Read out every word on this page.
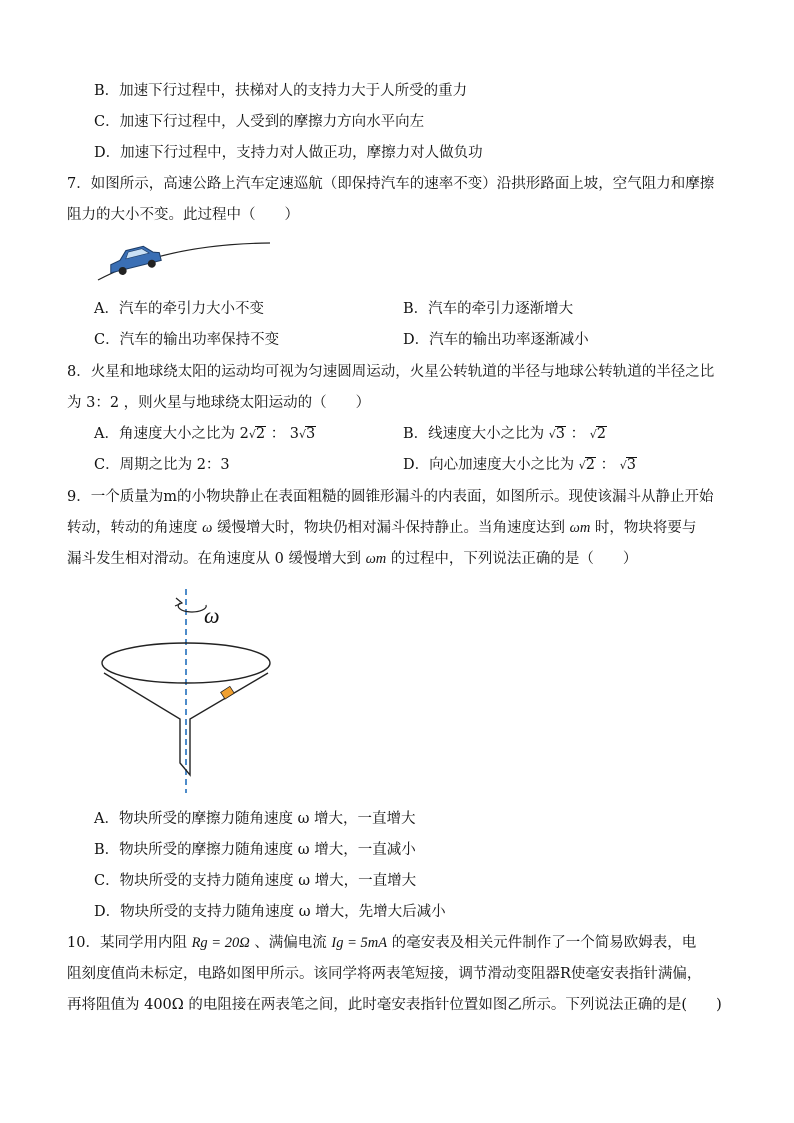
B．加速下行过程中，扶梯对人的支持力大于人所受的重力
C．加速下行过程中，人受到的摩擦力方向水平向左
D．加速下行过程中，支持力对人做正功，摩擦力对人做负功
7．如图所示，高速公路上汽车定速巡航（即保持汽车的速率不变）沿拱形路面上坡，空气阻力和摩擦
阻力的大小不变。此过程中（　　）
A．汽车的牵引力大小不变	B．汽车的牵引力逐渐增大
C．汽车的输出功率保持不变	D．汽车的输出功率逐渐减小
8．火星和地球绕太阳的运动均可视为匀速圆周运动，火星公转轨道的半径与地球公转轨道的半径之比
为 3：2 ，则火星与地球绕太阳运动的（　　）
A．角速度大小之比为 2√2 ： 3√3	B．线速度大小之比为 √3 ： √2
C．周期之比为 2：3	D．向心加速度大小之比为 √2 ： √3
9．一个质量为m的小物块静止在表面粗糙的圆锥形漏斗的内表面，如图所示。现使该漏斗从静止开始
转动，转动的角速度 ω 缓慢增大时，物块仍相对漏斗保持静止。当角速度达到 ωm 时，物块将要与
漏斗发生相对滑动。在角速度从 0 缓慢增大到 ωm 的过程中，下列说法正确的是（　　）
ω
A．物块所受的摩擦力随角速度 ω 增大，一直增大
B．物块所受的摩擦力随角速度 ω 增大，一直减小
C．物块所受的支持力随角速度 ω 增大，一直增大
D．物块所受的支持力随角速度 ω 增大，先增大后减小
10．某同学用内阻 Rg = 20Ω 、满偏电流 Ig = 5mA 的毫安表及相关元件制作了一个简易欧姆表，电
阻刻度值尚未标定，电路如图甲所示。该同学将两表笔短接，调节滑动变阻器R使毫安表指针满偏，
再将阻值为 400Ω 的电阻接在两表笔之间，此时毫安表指针位置如图乙所示。下列说法正确的是(　　)
